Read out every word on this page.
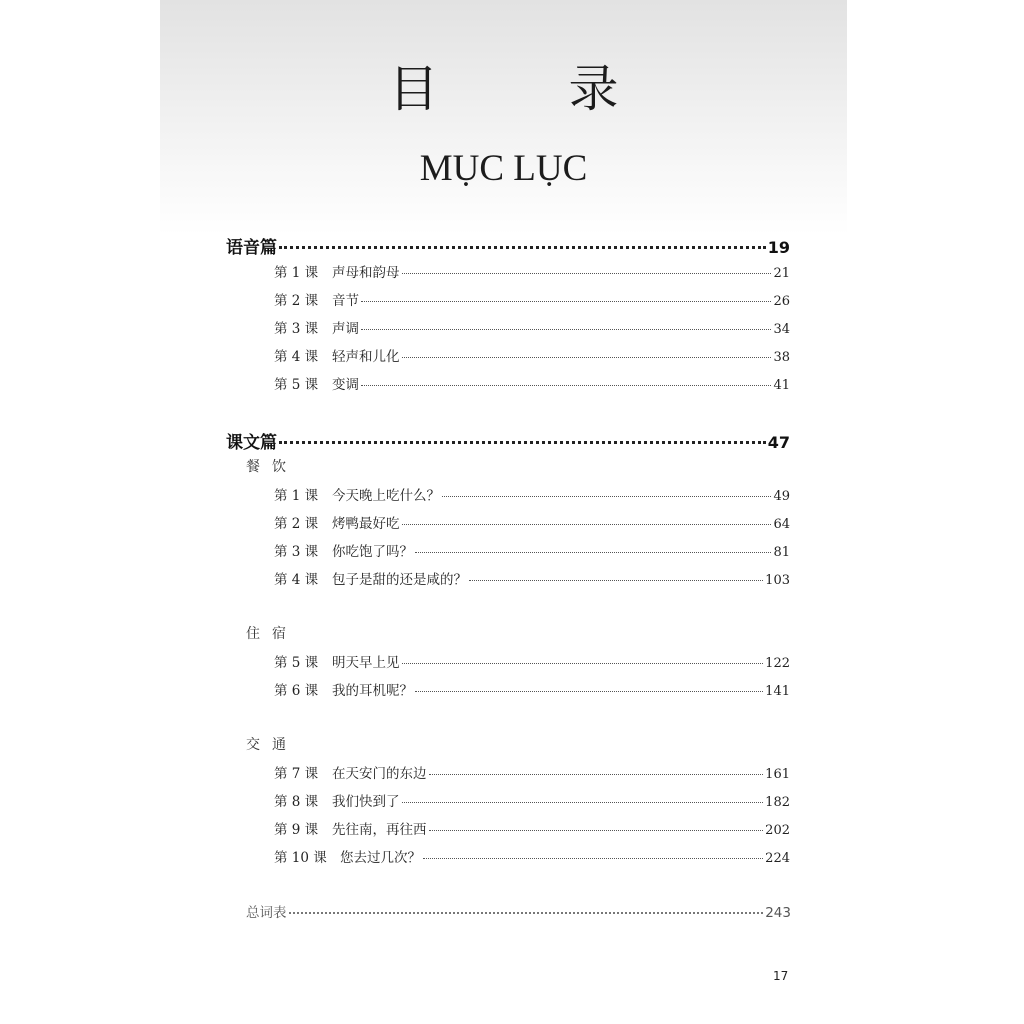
目　录
MỤC LỤC
语音篇	19
第 1 课	声母和韵母	21
第 2 课	音节	26
第 3 课	声调	34
第 4 课	轻声和儿化	38
第 5 课	变调	41
课文篇	47
餐饮
第 1 课	今天晚上吃什么？	49
第 2 课	烤鸭最好吃	64
第 3 课	你吃饱了吗？	81
第 4 课	包子是甜的还是咸的？	103
住宿
第 5 课	明天早上见	122
第 6 课	我的耳机呢？	141
交通
第 7 课	在天安门的东边	161
第 8 课	我们快到了	182
第 9 课	先往南，再往西	202
第 10 课 您去过几次？	224
总词表	243
17
